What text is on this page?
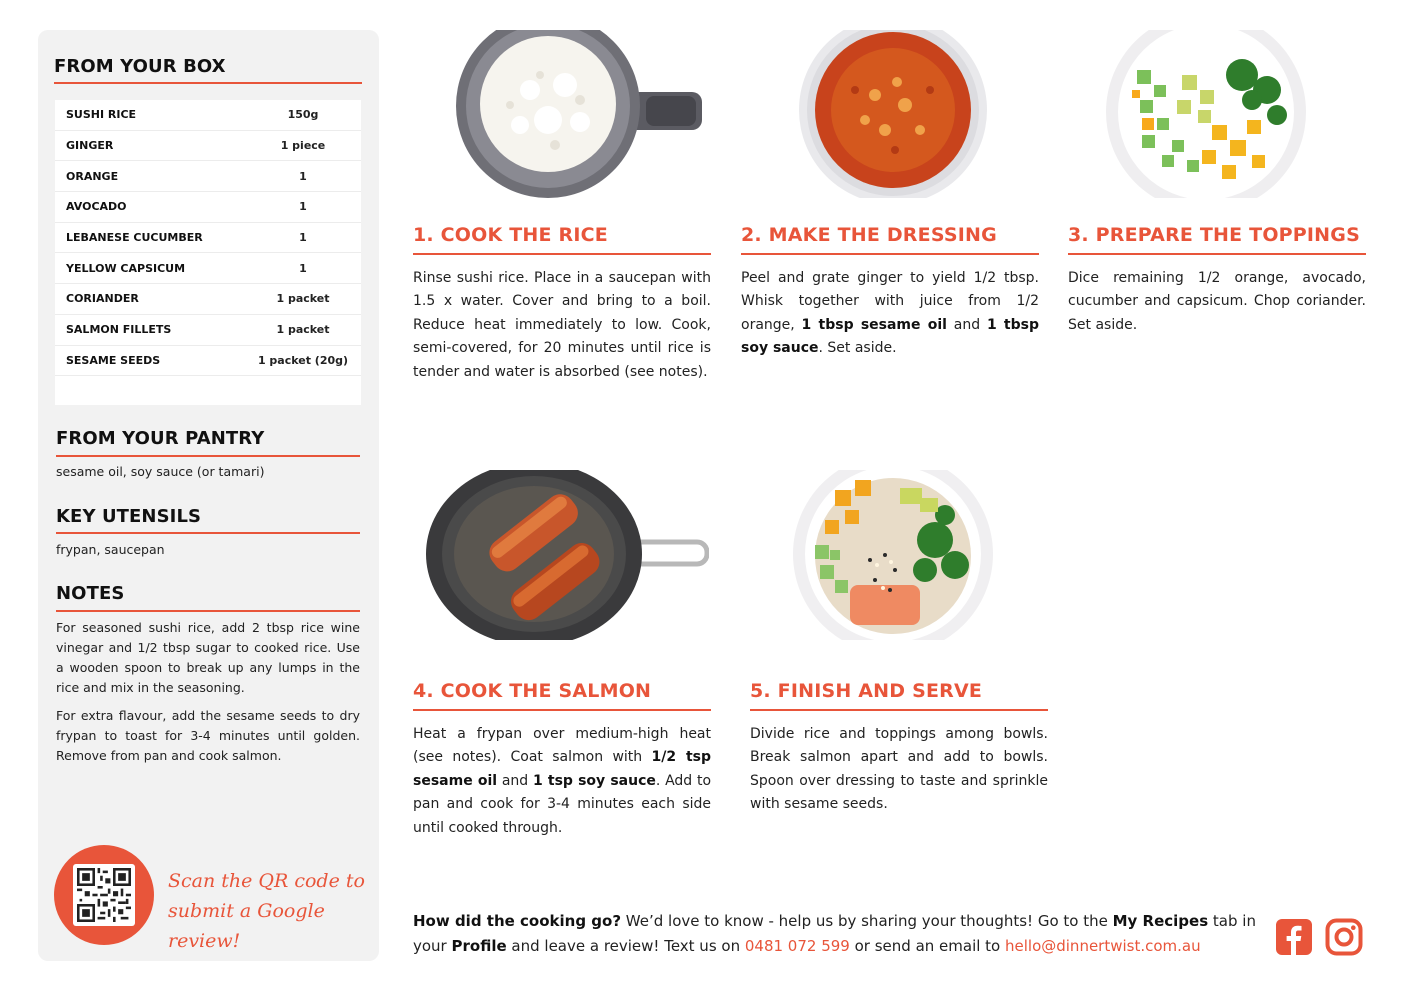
FROM YOUR BOX
SUSHI RICE	150g
GINGER	1 piece
ORANGE	1
AVOCADO	1
LEBANESE CUCUMBER	1
YELLOW CAPSICUM	1
CORIANDER	1 packet
SALMON FILLETS	1 packet
SESAME SEEDS	1 packet (20g)
FROM YOUR PANTRY
sesame oil, soy sauce (or tamari)
KEY UTENSILS
frypan, saucepan
NOTES

For seasoned sushi rice, add 2 tbsp rice wine vinegar and 1/2 tbsp sugar to cooked rice. Use a wooden spoon to break up any lumps in the rice and mix in the seasoning.

For extra flavour, add the sesame seeds to dry frypan to toast for 3-4 minutes until golden. Remove from pan and cook salmon.

Scan the QR code to
submit a Google review!
1. COOK THE RICE
Rinse sushi rice. Place in a saucepan with 1.5 x water. Cover and bring to a boil. Reduce heat immediately to low. Cook, semi-covered, for 20 minutes until rice is tender and water is absorbed (see notes).
2. MAKE THE DRESSING
Peel and grate ginger to yield 1/2 tbsp. Whisk together with juice from 1/2 orange, 1 tbsp sesame oil and 1 tbsp soy sauce. Set aside.
3. PREPARE THE TOPPINGS
Dice remaining 1/2 orange, avocado, cucumber and capsicum. Chop coriander. Set aside.
4. COOK THE SALMON
Heat a frypan over medium-high heat (see notes). Coat salmon with 1/2 tsp sesame oil and 1 tsp soy sauce. Add to pan and cook for 3-4 minutes each side until cooked through.
5. FINISH AND SERVE
Divide rice and toppings among bowls. Break salmon apart and add to bowls. Spoon over dressing to taste and sprinkle with sesame seeds.
How did the cooking go? We’d love to know - help us by sharing your thoughts! Go to the My Recipes tab in your Profile and leave a review! Text us on 0481 072 599 or send an email to hello@dinnertwist.com.au
